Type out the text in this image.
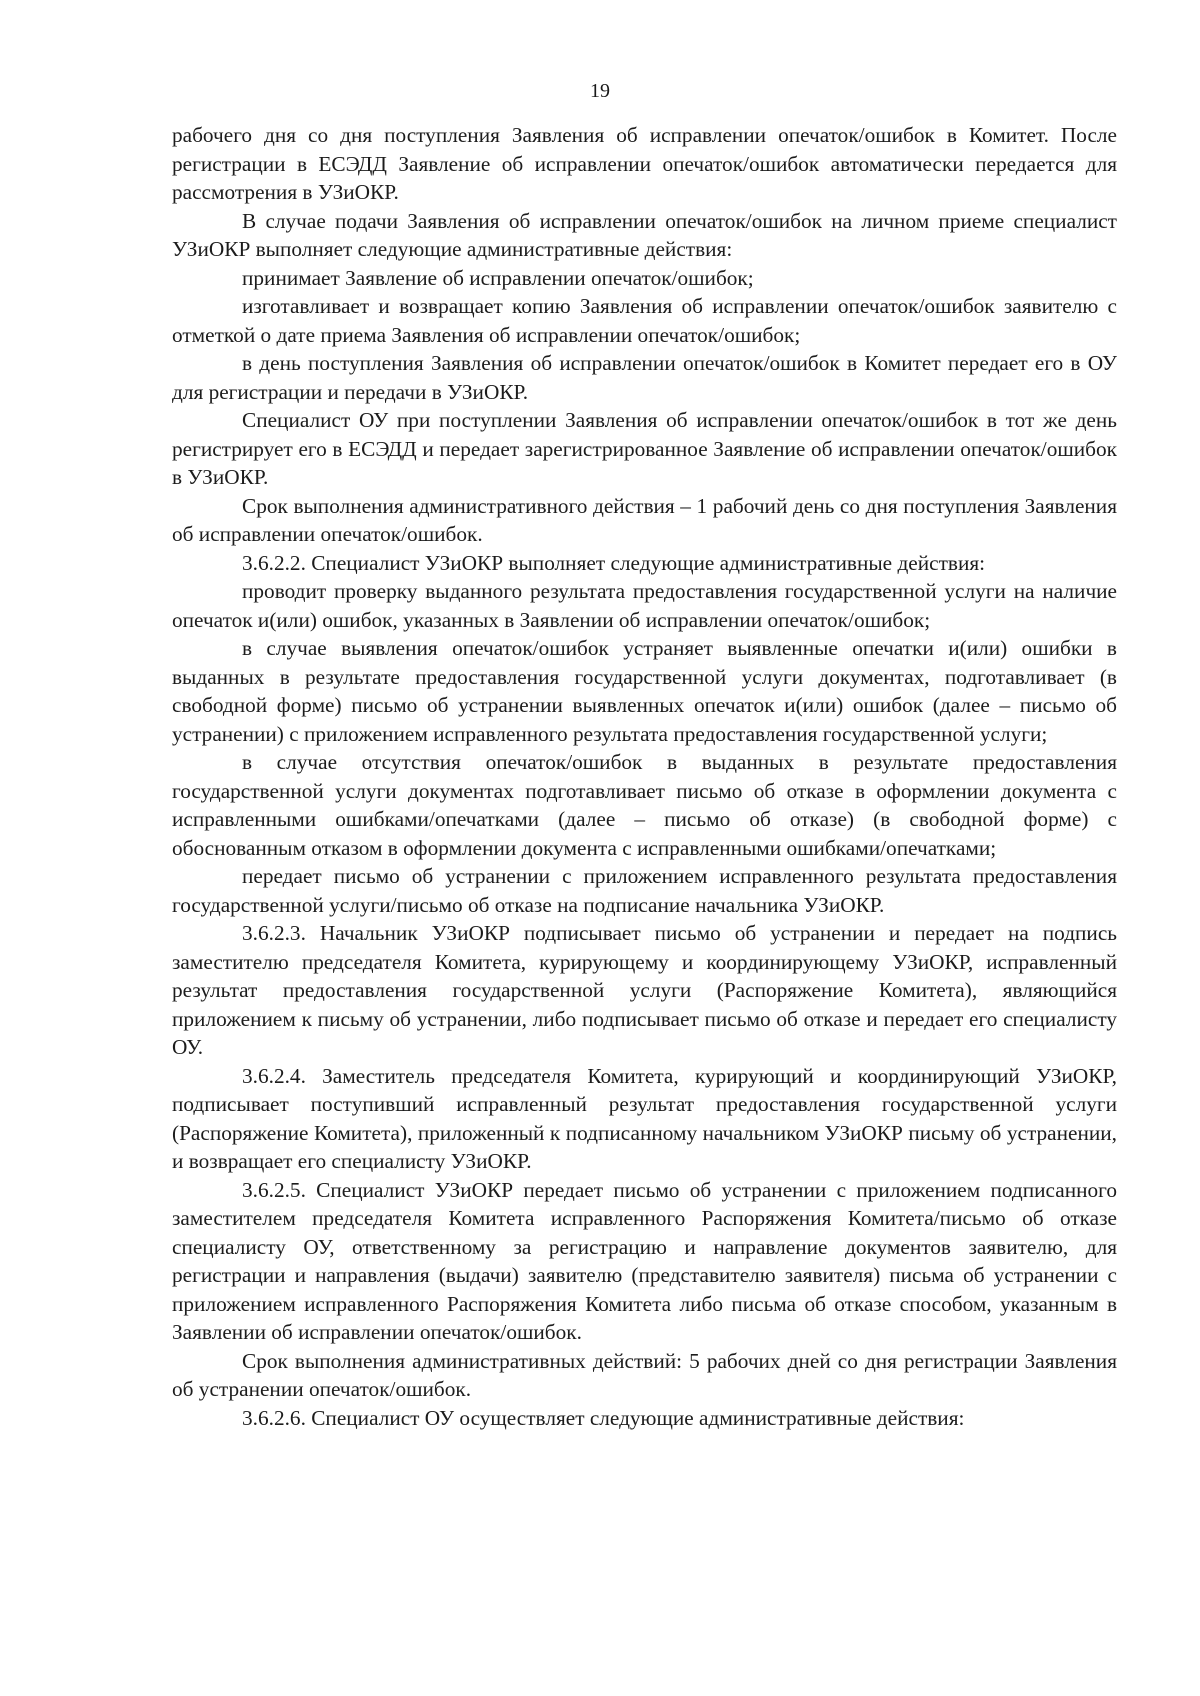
19

рабочего дня со дня поступления Заявления об исправлении опечаток/ошибок в Комитет. После регистрации в ЕСЭДД Заявление об исправлении опечаток/ошибок автоматически передается для рассмотрения в УЗиОКР.

В случае подачи Заявления об исправлении опечаток/ошибок на личном приеме специалист УЗиОКР выполняет следующие административные действия:

принимает Заявление об исправлении опечаток/ошибок;

изготавливает и возвращает копию Заявления об исправлении опечаток/ошибок заявителю с отметкой о дате приема Заявления об исправлении опечаток/ошибок;

в день поступления Заявления об исправлении опечаток/ошибок в Комитет передает его в ОУ для регистрации и передачи в УЗиОКР.

Специалист ОУ при поступлении Заявления об исправлении опечаток/ошибок в тот же день регистрирует его в ЕСЭДД и передает зарегистрированное Заявление об исправлении опечаток/ошибок в УЗиОКР.

Срок выполнения административного действия – 1 рабочий день со дня поступления Заявления об исправлении опечаток/ошибок.

3.6.2.2. Специалист УЗиОКР выполняет следующие административные действия:

проводит проверку выданного результата предоставления государственной услуги на наличие опечаток и(или) ошибок, указанных в Заявлении об исправлении опечаток/ошибок;

в случае выявления опечаток/ошибок устраняет выявленные опечатки и(или) ошибки в выданных в результате предоставления государственной услуги документах, подготавливает (в свободной форме) письмо об устранении выявленных опечаток и(или) ошибок (далее – письмо об устранении) с приложением исправленного результата предоставления государственной услуги;

в случае отсутствия опечаток/ошибок в выданных в результате предоставления государственной услуги документах подготавливает письмо об отказе в оформлении документа с исправленными ошибками/опечатками (далее – письмо об отказе) (в свободной форме) с обоснованным отказом в оформлении документа с исправленными ошибками/опечатками;

передает письмо об устранении с приложением исправленного результата предоставления государственной услуги/письмо об отказе на подписание начальника УЗиОКР.

3.6.2.3. Начальник УЗиОКР подписывает письмо об устранении и передает на подпись заместителю председателя Комитета, курирующему и координирующему УЗиОКР, исправленный результат предоставления государственной услуги (Распоряжение Комитета), являющийся приложением к письму об устранении, либо подписывает письмо об отказе и передает его специалисту ОУ.

3.6.2.4. Заместитель председателя Комитета, курирующий и координирующий УЗиОКР, подписывает поступивший исправленный результат предоставления государственной услуги (Распоряжение Комитета), приложенный к подписанному начальником УЗиОКР письму об устранении, и возвращает его специалисту УЗиОКР.

3.6.2.5. Специалист УЗиОКР передает письмо об устранении с приложением подписанного заместителем председателя Комитета исправленного Распоряжения Комитета/письмо об отказе специалисту ОУ, ответственному за регистрацию и направление документов заявителю, для регистрации и направления (выдачи) заявителю (представителю заявителя) письма об устранении с приложением исправленного Распоряжения Комитета либо письма об отказе способом, указанным в Заявлении об исправлении опечаток/ошибок.

Срок выполнения административных действий: 5 рабочих дней со дня регистрации Заявления об устранении опечаток/ошибок.

3.6.2.6. Специалист ОУ осуществляет следующие административные действия:
